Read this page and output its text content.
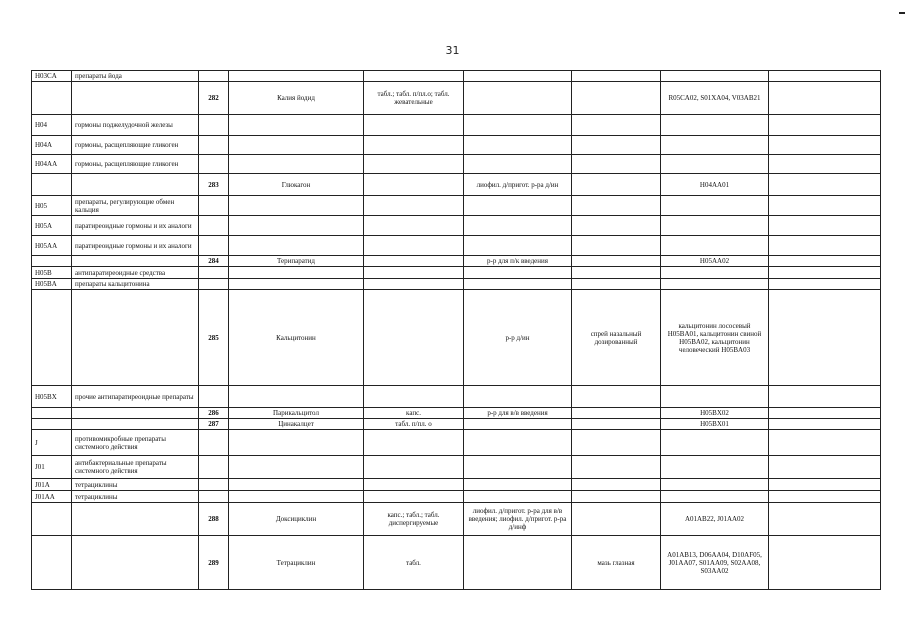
31
H03CA	препараты йода							
		282	Калия йодид	табл.; табл. п/пл.о; табл. жевательные			R05CA02, S01XA04, V03AB21	
H04	гормоны поджелудочной железы							
H04A	гормоны, расщепляющие гликоген							
H04AA	гормоны, расщепляющие гликоген							
		283	Глюкагон		лиофил. д/пригот. р-ра д/ин		H04AA01	
H05	препараты, регулирующие обмен кальция							
H05A	паратиреоидные гормоны и их аналоги							
H05AA	паратиреоидные гормоны и их аналоги							
		284	Терипаратид		р-р для п/к введения		H05AA02	
H05B	антипаратиреоидные средства							
H05BA	препараты кальцитонина							
		285	Кальцитонин		р-р д/ин	спрей назальный дозированный	кальцитонин лососевый H05BA01, кальцитонин свиной H05BA02, кальцитонин человеческий H05BA03	
H05BX	прочие антипаратиреоидные препараты							
		286	Парикальцитол	капс.	р-р для в/в введения		H05BX02	
		287	Цинакалцет	табл. п/пл. о			H05BX01	
J	противомикробные препараты системного действия							
J01	антибактериальные препараты системного действия							
J01A	тетрациклины							
J01AA	тетрациклины							
		288	Доксициклин	капс.; табл.; табл. диспергируемые	лиофил. д/пригот. р-ра для в/в введения; лиофил. д/пригот. р-ра д/инф		A01AB22, J01AA02	
		289	Тетрациклин	табл.		мазь глазная	A01AB13, D06AA04, D10AF05, J01AA07, S01AA09, S02AA08, S03AA02	
